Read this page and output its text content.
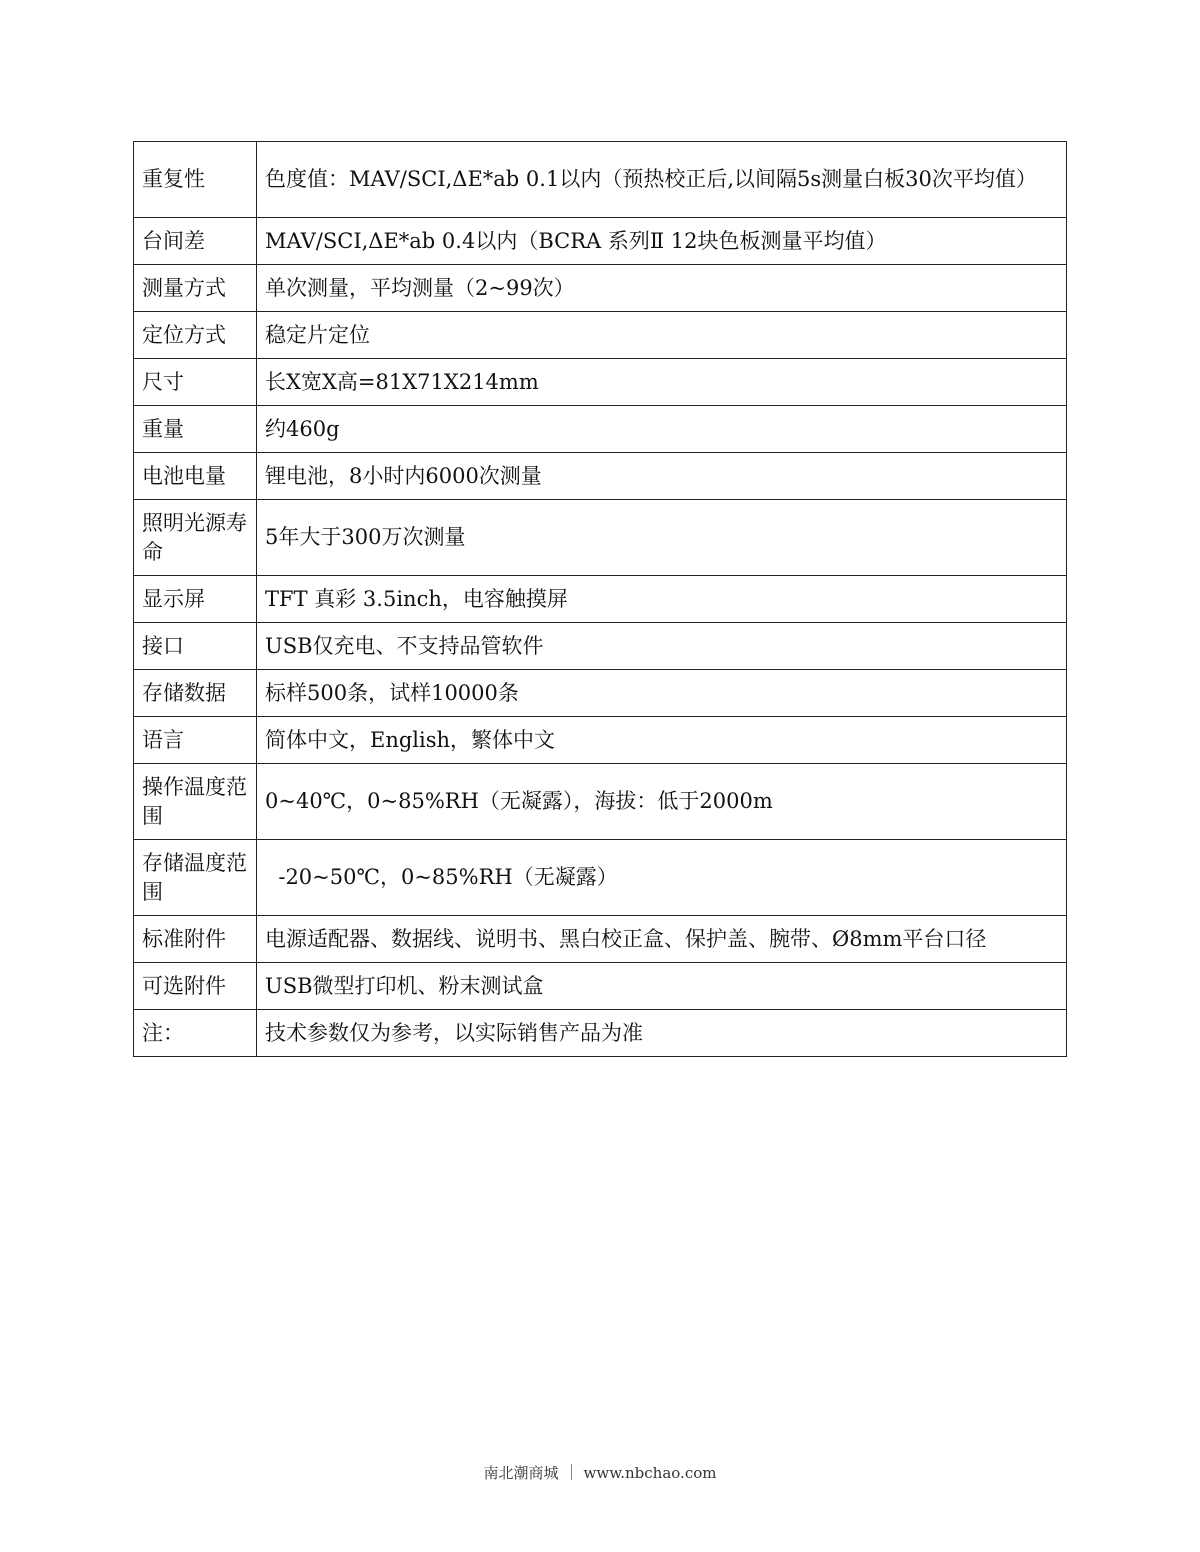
重复性	色度值：MAV/SCI,ΔE*ab 0.1以内（预热校正后,以间隔5s测量白板30次平均值）
台间差	MAV/SCI,ΔE*ab 0.4以内（BCRA 系列Ⅱ 12块色板测量平均值）
测量方式	单次测量，平均测量（2~99次）
定位方式	稳定片定位
尺寸	长X宽X高=81X71X214mm
重量	约460g
电池电量	锂电池，8小时内6000次测量
照明光源寿命	5年大于300万次测量
显示屏	TFT 真彩 3.5inch，电容触摸屏
接口	USB仅充电、不支持品管软件
存储数据	标样500条，试样10000条
语言	简体中文，English，繁体中文
操作温度范围	0~40℃，0~85%RH（无凝露），海拔：低于2000m
存储温度范围	-20~50℃，0~85%RH（无凝露）
标准附件	电源适配器、数据线、说明书、黑白校正盒、保护盖、腕带、Ø8mm平台口径
可选附件	USB微型打印机、粉末测试盒
注：	技术参数仅为参考，以实际销售产品为准
南北潮商城 www.nbchao.com
